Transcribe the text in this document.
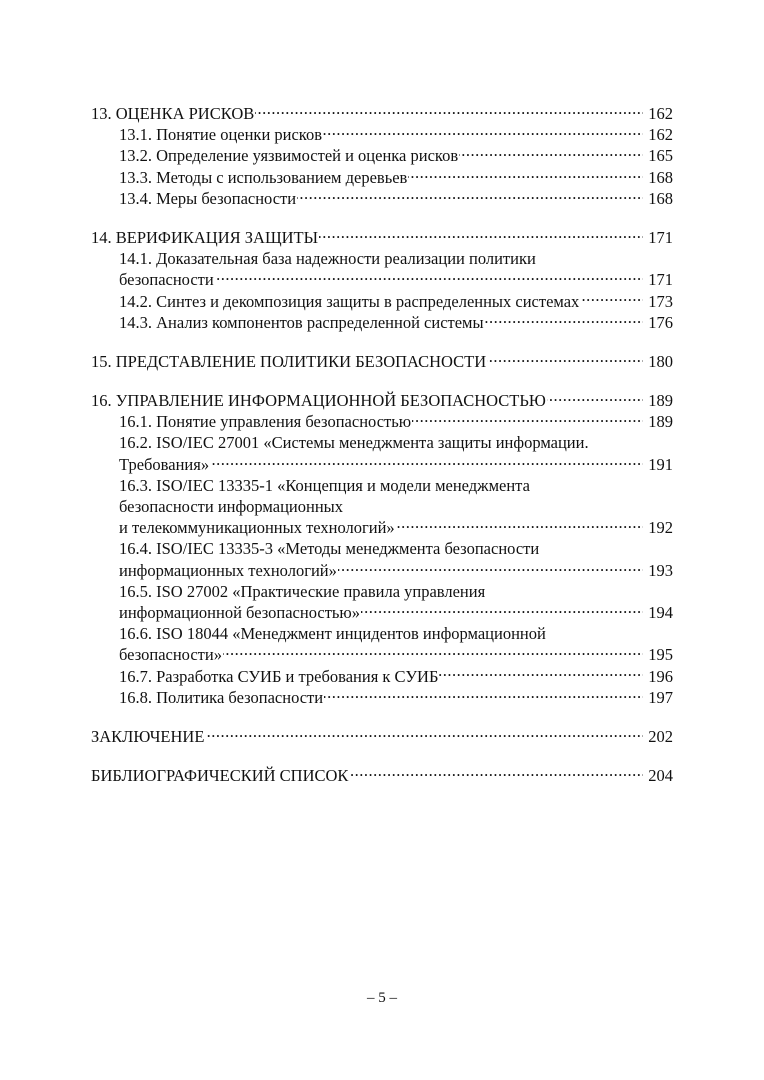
.....
13. ОЦЕНКА РИСКОВ	162
.....
13.1. Понятие оценки рисков	162
.....
13.2. Определение уязвимостей и оценка рисков	165
.....
13.3. Методы с использованием деревьев	168
.....
13.4. Меры безопасности	168
.....
14. ВЕРИФИКАЦИЯ ЗАЩИТЫ	171
14.1. Доказательная база надежности реализации политики
.....
безопасности	171
.....
14.2. Синтез и декомпозиция защиты в распределенных системах	173
.....
14.3. Анализ компонентов распределенной системы	176
.....
15. ПРЕДСТАВЛЕНИЕ ПОЛИТИКИ БЕЗОПАСНОСТИ	180
.....
16. УПРАВЛЕНИЕ ИНФОРМАЦИОННОЙ БЕЗОПАСНОСТЬЮ	189
.....
16.1. Понятие управления безопасностью	189
16.2. ISO/IEC 27001 «Системы менеджмента защиты информации.
.....
Требования»	191
16.3. ISO/IEC 13335-1 «Концепция и модели менеджмента
безопасности информационных
.....
и телекоммуникационных технологий»	192
16.4. ISO/IEC 13335-3 «Методы менеджмента безопасности
.....
информационных технологий»	193
16.5. ISO 27002 «Практические правила управления
.....
информационной безопасностью»	194
16.6. ISO 18044 «Менеджмент инцидентов информационной
.....
безопасности»	195
.....
16.7. Разработка СУИБ и требования к СУИБ	196
.....
16.8. Политика безопасности	197
.....
ЗАКЛЮЧЕНИЕ	202
.....
БИБЛИОГРАФИЧЕСКИЙ СПИСОК	204
– 5 –
